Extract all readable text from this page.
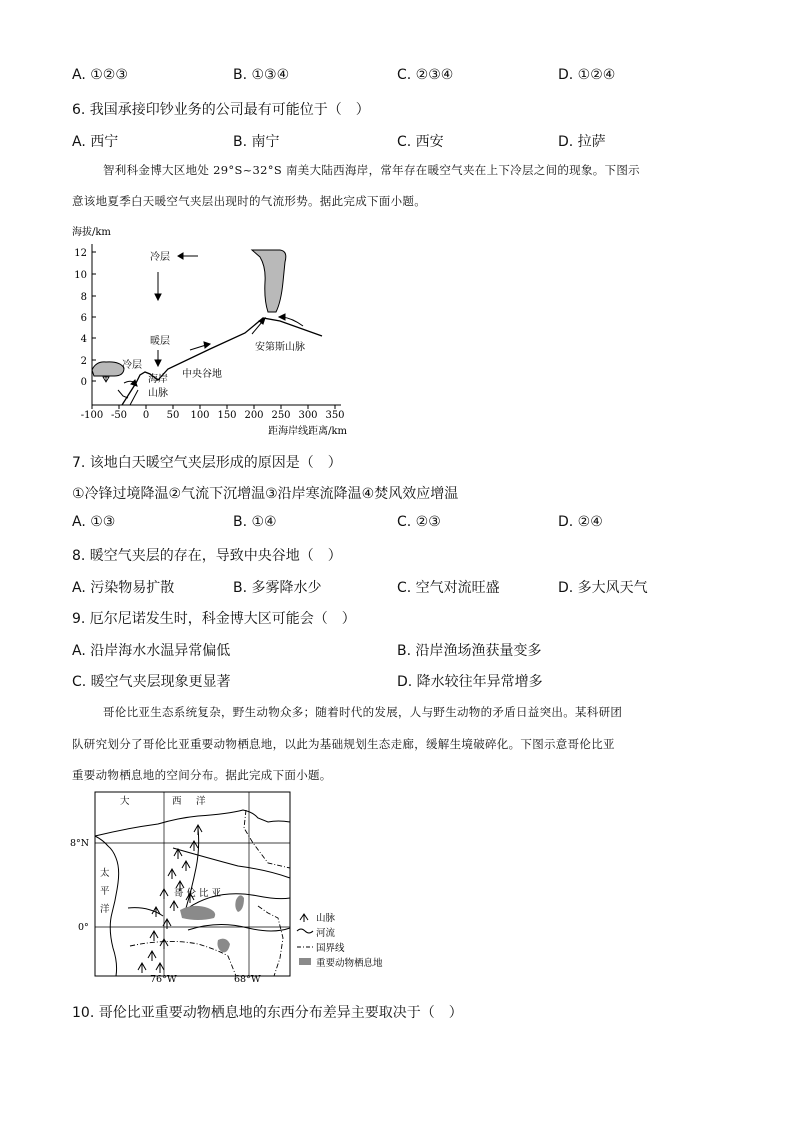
A. ①②③	B. ①③④	C. ②③④	D. ①②④
6. 我国承接印钞业务的公司最有可能位于（　）
A. 西宁	B. 南宁	C. 西安	D. 拉萨
智利科金博大区地处 29°S~32°S 南美大陆西海岸，常年存在暖空气夹在上下冷层之间的现象。下图示
意该地夏季白天暖空气夹层出现时的气流形势。据此完成下面小题。
海拔/km
12
10
8
6
4
2
0
-100 -50 0 50 100 150 200 250 300 350
距海岸线距离/km
冷层
暖层
冷层
海岸
山脉
中央谷地
安第斯山脉
7. 该地白天暖空气夹层形成的原因是（　）
①冷锋过境降温②气流下沉增温③沿岸寒流降温④焚风效应增温
A. ①③	B. ①④	C. ②③	D. ②④
8. 暖空气夹层的存在，导致中央谷地（　）
A. 污染物易扩散	B. 多雾降水少	C. 空气对流旺盛	D. 多大风天气
9. 厄尔尼诺发生时，科金博大区可能会（　）
A. 沿岸海水水温异常偏低	B. 沿岸渔场渔获量变多
C. 暖空气夹层现象更显著	D. 降水较往年异常增多
哥伦比亚生态系统复杂，野生动物众多；随着时代的发展，人与野生动物的矛盾日益突出。某科研团
队研究划分了哥伦比亚重要动物栖息地，以此为基础规划生态走廊，缓解生境破碎化。下图示意哥伦比亚
重要动物栖息地的空间分布。据此完成下面小题。
大	西 洋
太
平
洋
哥 伦 比 亚
8°N
0°
76°W	68°W
山脉
河流
国界线
重要动物栖息地
10. 哥伦比亚重要动物栖息地的东西分布差异主要取决于（　）
